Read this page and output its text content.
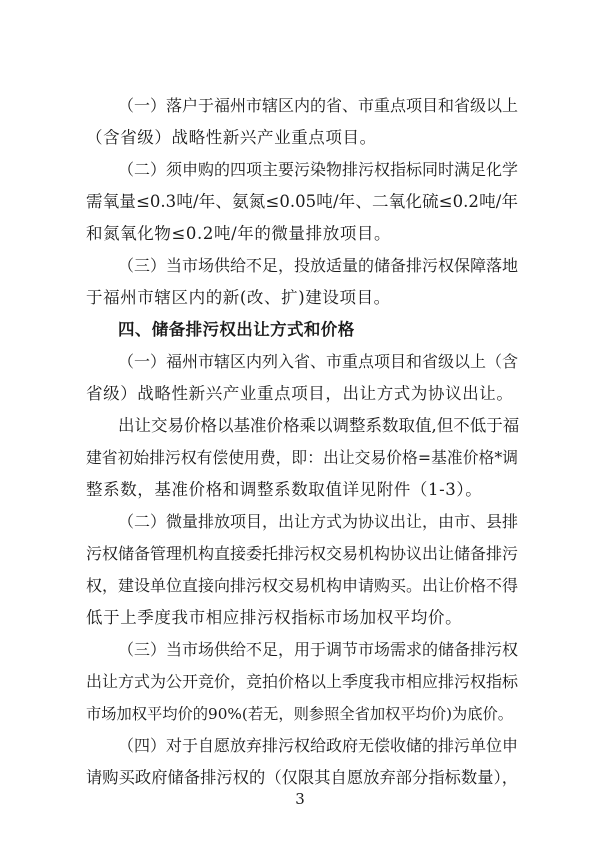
（一）落户于福州市辖区内的省、市重点项目和省级以上
（含省级）战略性新兴产业重点项目。
（二）须申购的四项主要污染物排污权指标同时满足化学
需氧量≤0.3吨/年、氨氮≤0.05吨/年、二氧化硫≤0.2吨/年
和氮氧化物≤0.2吨/年的微量排放项目。
（三）当市场供给不足，投放适量的储备排污权保障落地
于福州市辖区内的新(改、扩)建设项目。
四、储备排污权出让方式和价格
（一）福州市辖区内列入省、市重点项目和省级以上（含
省级）战略性新兴产业重点项目，出让方式为协议出让。
出让交易价格以基准价格乘以调整系数取值,但不低于福
建省初始排污权有偿使用费，即：出让交易价格=基准价格*调
整系数，基准价格和调整系数取值详见附件（1-3）。
（二）微量排放项目，出让方式为协议出让，由市、县排
污权储备管理机构直接委托排污权交易机构协议出让储备排污
权，建设单位直接向排污权交易机构申请购买。出让价格不得
低于上季度我市相应排污权指标市场加权平均价。
（三）当市场供给不足，用于调节市场需求的储备排污权
出让方式为公开竞价，竞拍价格以上季度我市相应排污权指标
市场加权平均价的90%(若无，则参照全省加权平均价)为底价。
（四）对于自愿放弃排污权给政府无偿收储的排污单位申
请购买政府储备排污权的（仅限其自愿放弃部分指标数量），
3
